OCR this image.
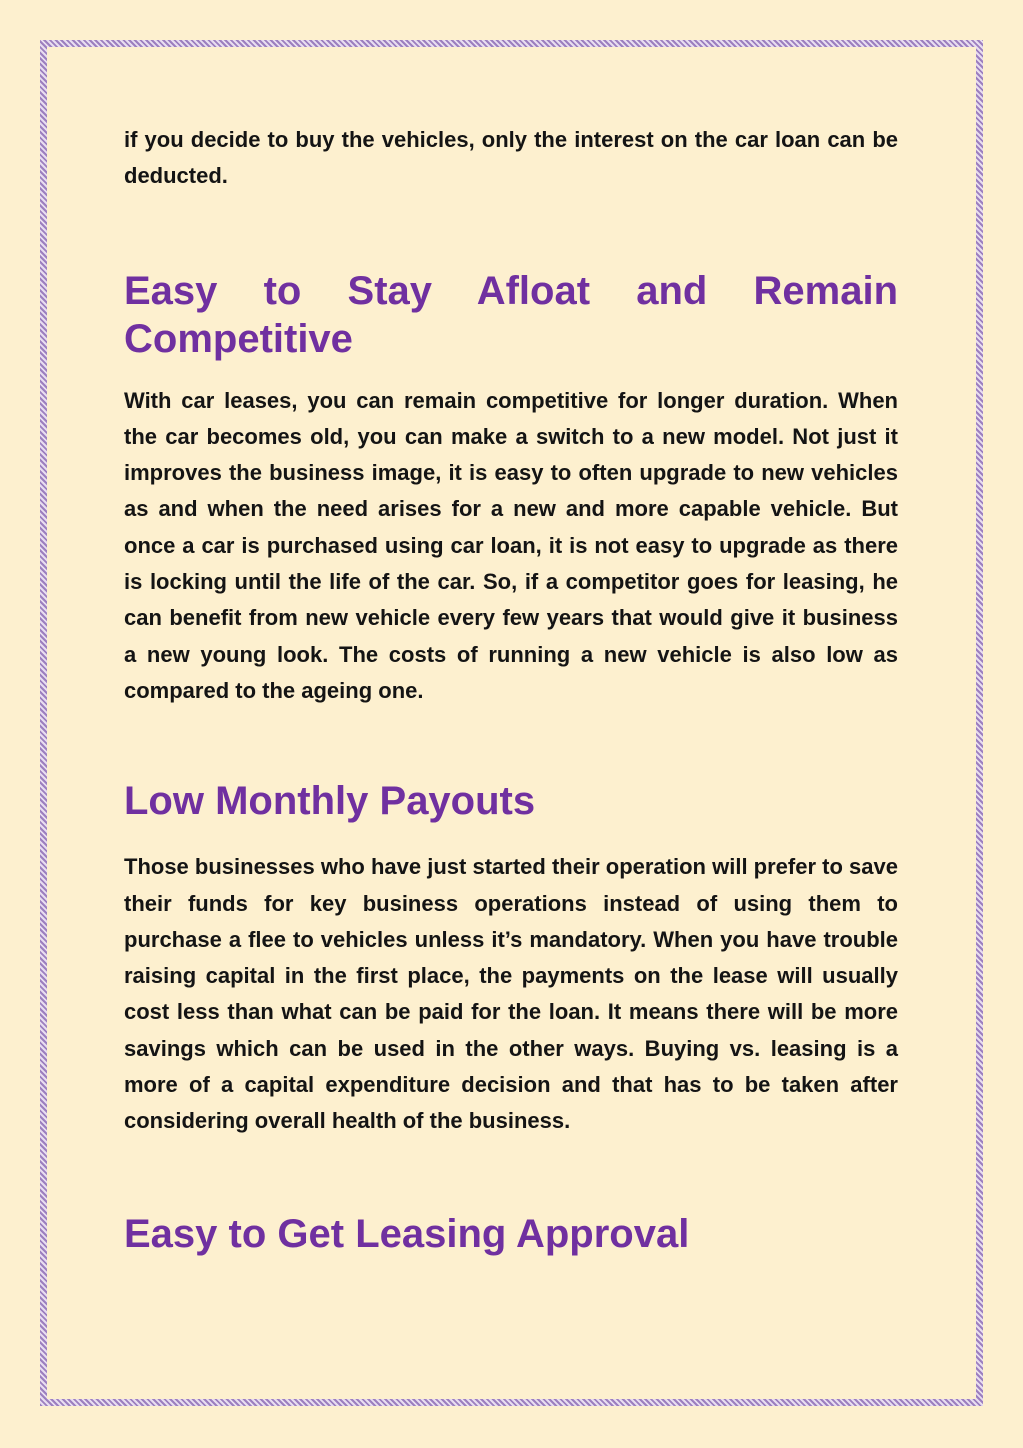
if you decide to buy the vehicles, only the interest on the car loan can be deducted.

Easy to Stay Afloat and Remain Competitive

With car leases, you can remain competitive for longer duration. When the car becomes old, you can make a switch to a new model. Not just it improves the business image, it is easy to often upgrade to new vehicles as and when the need arises for a new and more capable vehicle. But once a car is purchased using car loan, it is not easy to upgrade as there is locking until the life of the car. So, if a competitor goes for leasing, he can benefit from new vehicle every few years that would give it business a new young look. The costs of running a new vehicle is also low as compared to the ageing one.

Low Monthly Payouts

Those businesses who have just started their operation will prefer to save their funds for key business operations instead of using them to purchase a flee to vehicles unless it’s mandatory. When you have trouble raising capital in the first place, the payments on the lease will usually cost less than what can be paid for the loan. It means there will be more savings which can be used in the other ways. Buying vs. leasing is a more of a capital expenditure decision and that has to be taken after considering overall health of the business.

Easy to Get Leasing Approval
